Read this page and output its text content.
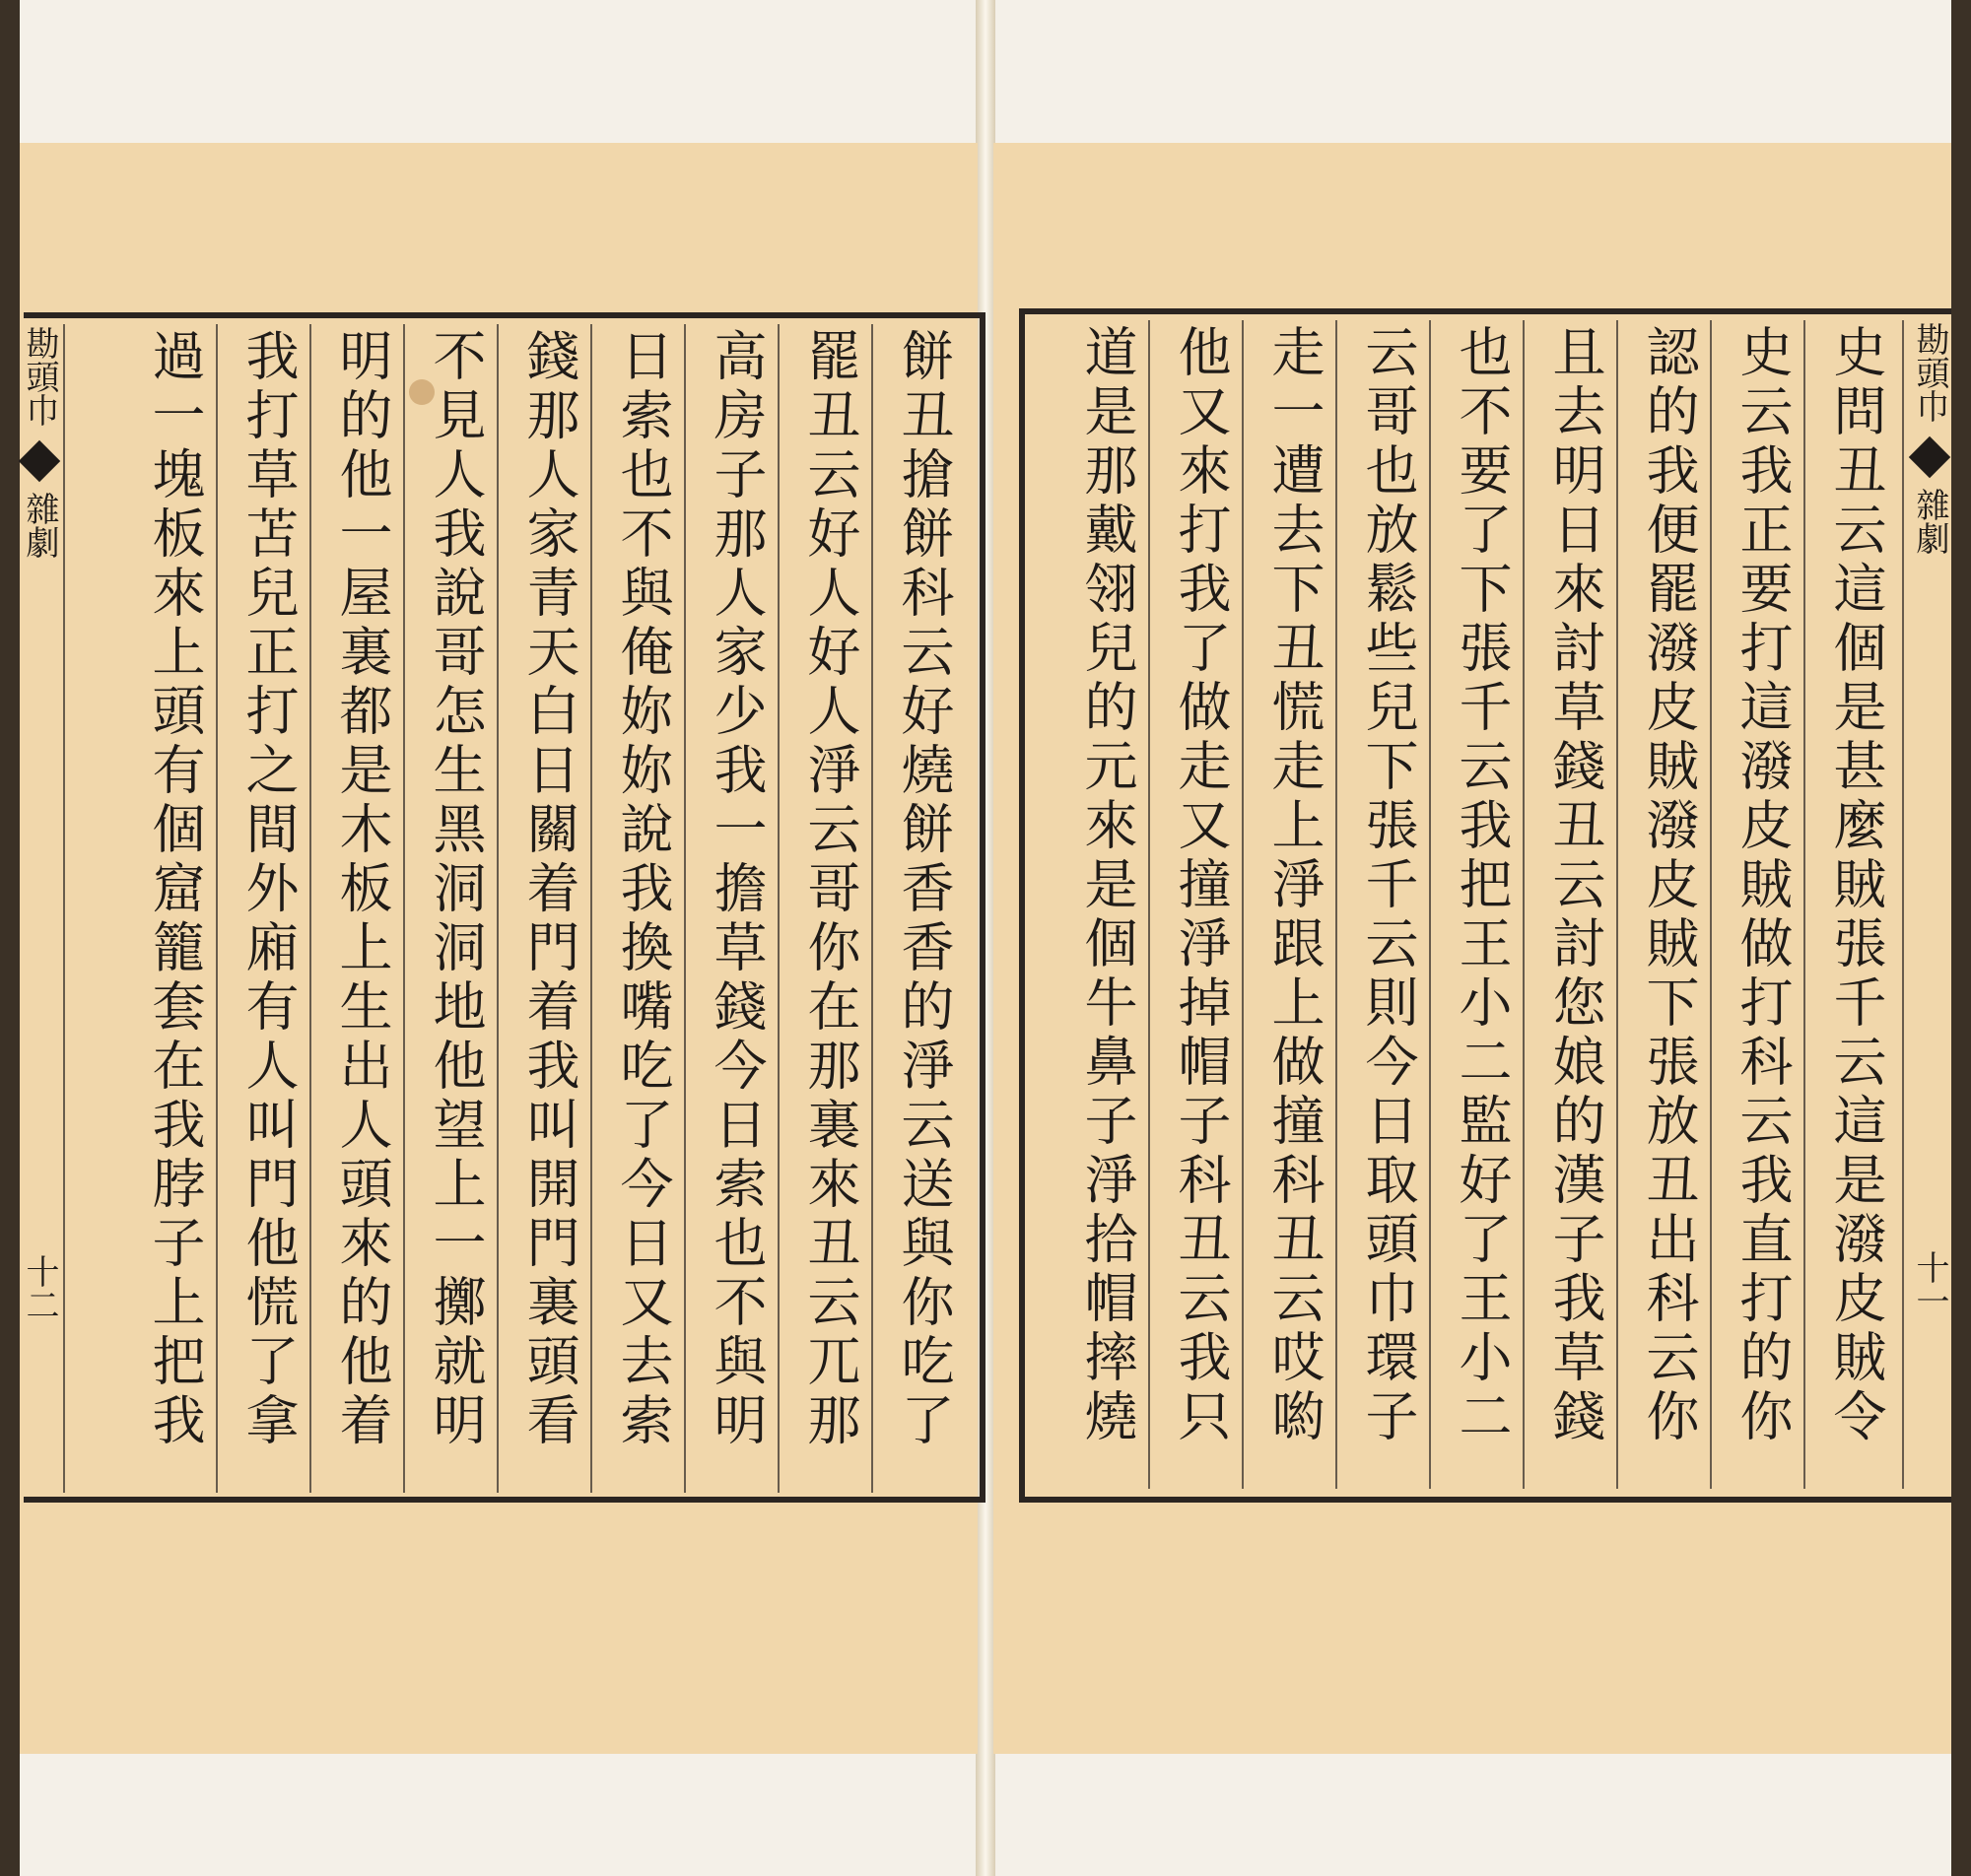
勘頭巾
雜劇
十二	餅丑搶餅科云好燒餅香香的淨云送與你吃了
罷丑云好人好人淨云哥你在那裏來丑云兀那
高房子那人家少我一擔草錢今日索也不與明
日索也不與俺妳妳說我換嘴吃了今日又去索
錢那人家青天白日關着門着我叫開門裏頭看
不見人我說哥怎生黑洞洞地他望上一擲就明
明的他一屋裏都是木板上生出人頭來的他着
我打草苫兒正打之間外廂有人叫門他慌了拿
過一塊板來上頭有個窟籠套在我脖子上把我	勘頭巾
雜劇
十一
史問丑云這個是甚麼賊張千云這是潑皮賊令
史云我正要打這潑皮賊做打科云我直打的你
認的我便罷潑皮賊潑皮賊下張放丑出科云你
且去明日來討草錢丑云討您娘的漢子我草錢
也不要了下張千云我把王小二監好了王小二
云哥也放鬆些兒下張千云則今日取頭巾環子
走一遭去下丑慌走上淨跟上做撞科丑云哎喲
他又來打我了做走又撞淨掉帽子科丑云我只
道是那戴翎兒的元來是個牛鼻子淨拾帽摔燒
